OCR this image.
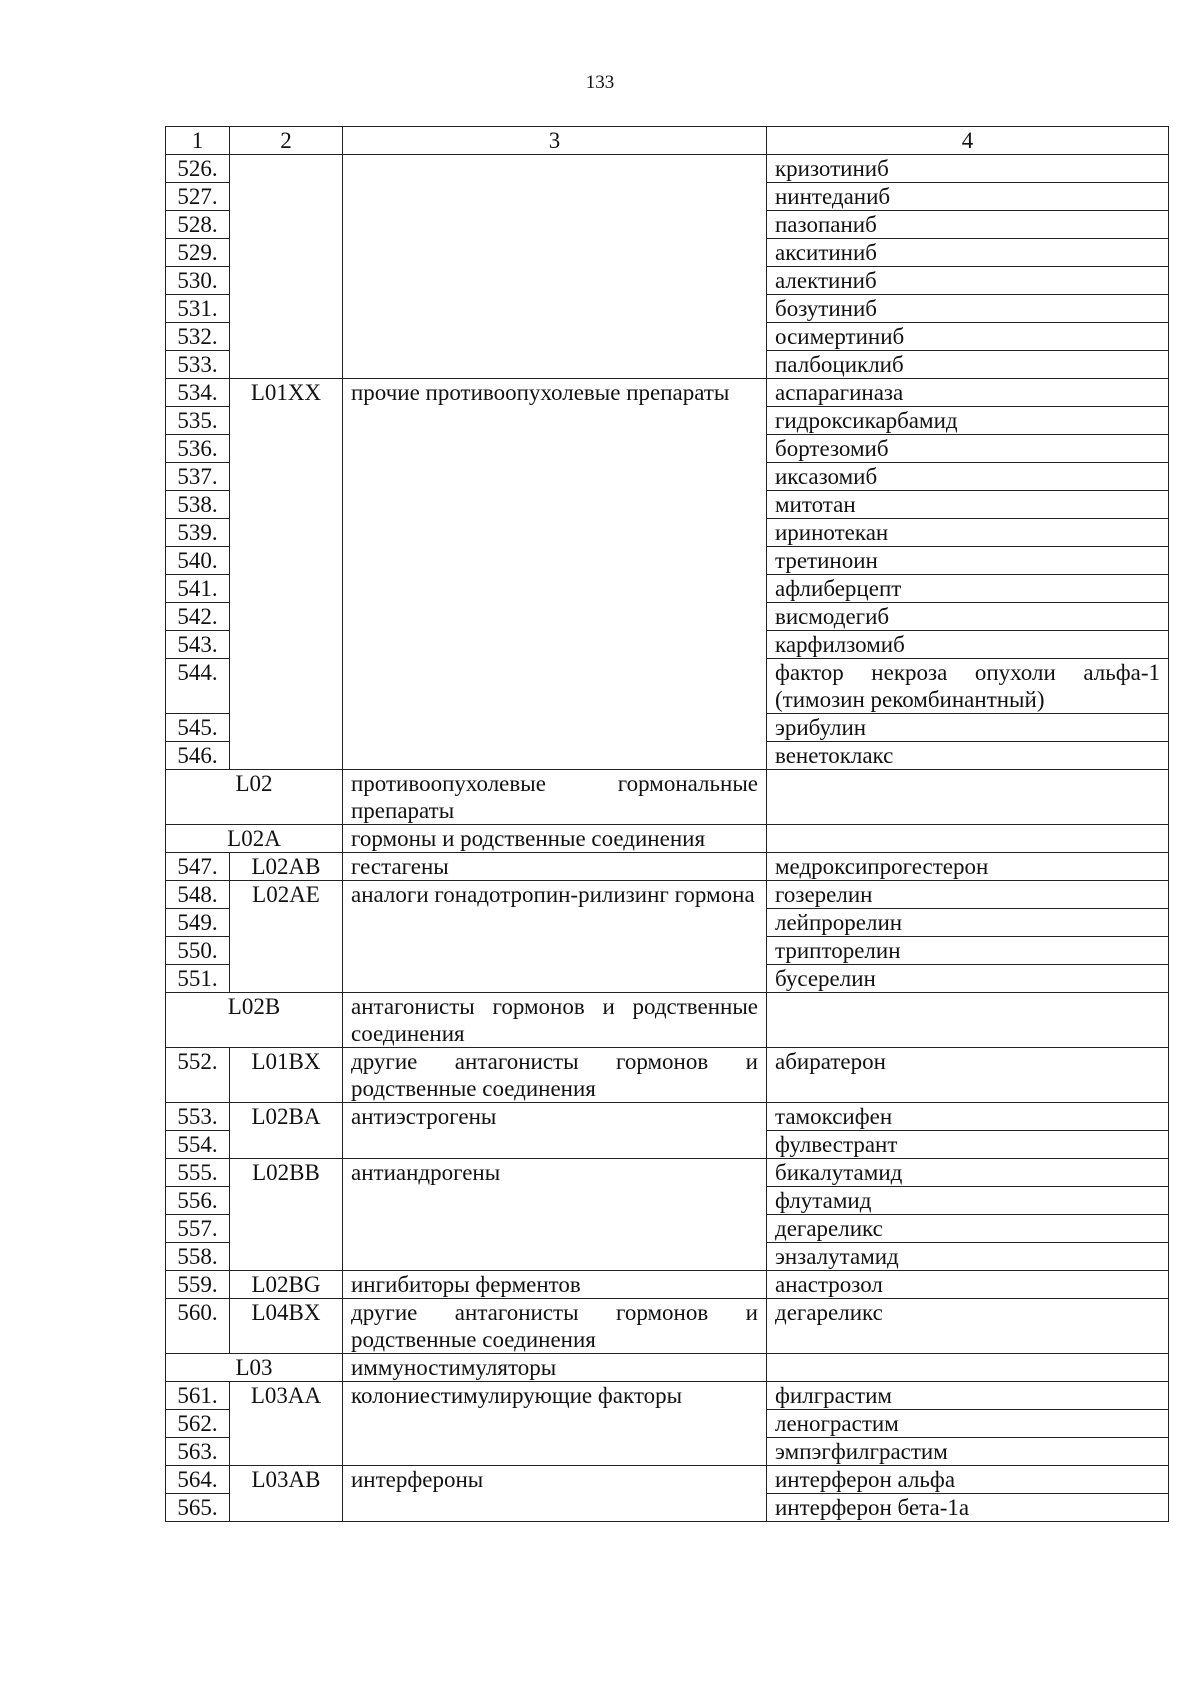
133
1	2	3	4
526.			кризотиниб
527.			нинтеданиб
528.			пазопаниб
529.			акситиниб
530.			алектиниб
531.			бозутиниб
532.			осимертиниб
533.			палбоциклиб
534.	L01XX	прочие противоопухолевые препараты	аспарагиназа
535.			гидроксикарбамид
536.			бортезомиб
537.			иксазомиб
538.			митотан
539.			иринотекан
540.			третиноин
541.			афлиберцепт
542.			висмодегиб
543.			карфилзомиб
544.			фактор некроза опухоли альфа-1 (тимозин рекомбинантный)
545.			эрибулин
546.			венетоклакс
L02		противоопухолевые гормональные препараты	
L02A		гормоны и родственные соединения	
547.	L02AB	гестагены	медроксипрогестерон
548.	L02AE	аналоги гонадотропин-рилизинг гормона	гозерелин
549.			лейпрорелин
550.			трипторелин
551.			бусерелин
L02B		антагонисты гормонов и родственные соединения	
552.	L01BX	другие антагонисты гормонов и родственные соединения	абиратерон
553.	L02BA	антиэстрогены	тамоксифен
554.			фулвестрант
555.	L02BB	антиандрогены	бикалутамид
556.			флутамид
557.			дегареликс
558.			энзалутамид
559.	L02BG	ингибиторы ферментов	анастрозол
560.	L04BX	другие антагонисты гормонов и родственные соединения	дегареликс
L03		иммуностимуляторы	
561.	L03AA	колониестимулирующие факторы	филграстим
562.			ленограстим
563.			эмпэгфилграстим
564.	L03AB	интерфероны	интерферон альфа
565.			интерферон бета-1а
